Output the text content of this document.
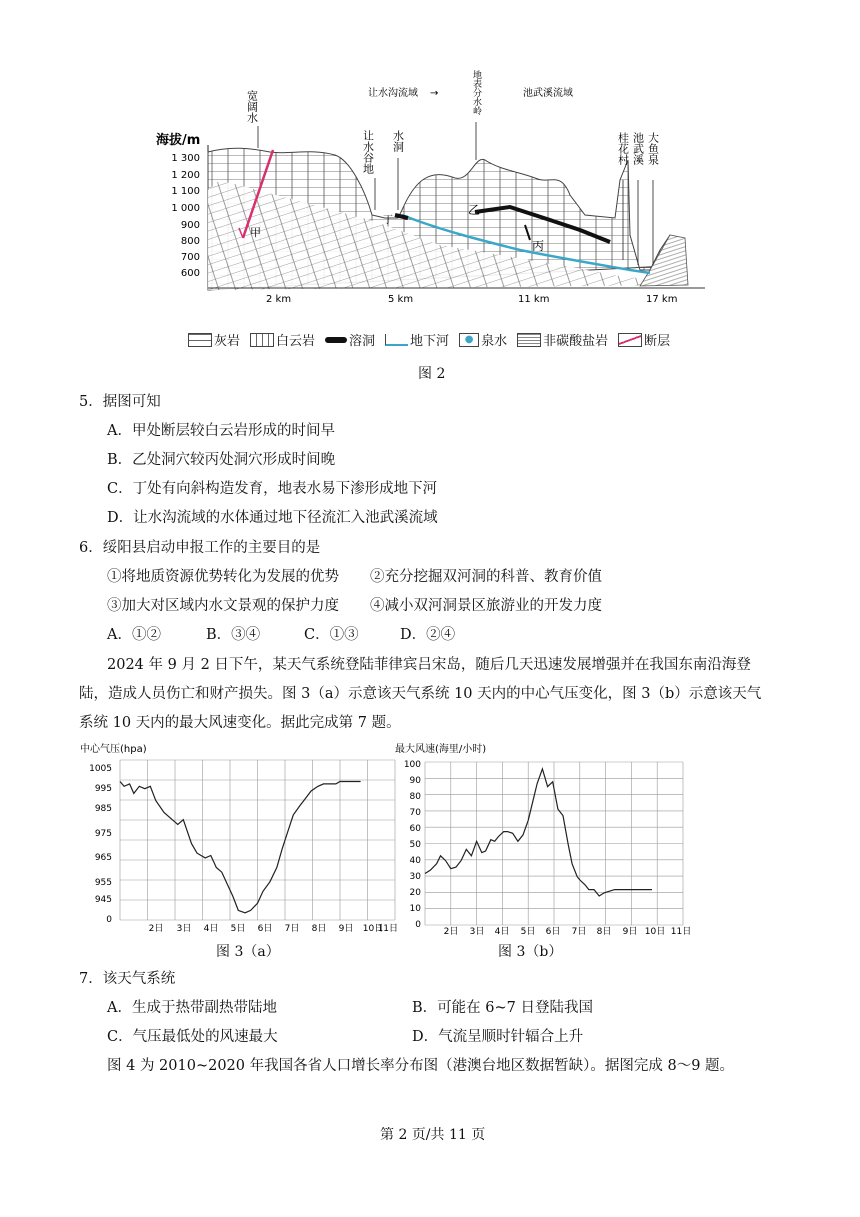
1 300
1 200
1 100
1 000
900
800
700
600
海拔/m
甲
乙
丙
丁
宽阔水	地表分水岭
让水沟流域 →	池武溪流域
让水谷地 水洞	桂花村 池武溪 大鱼泉
2 km	5 km	11 km	17 km
灰岩	白云岩	溶洞	地下河	● 泉水	非碳酸盐岩	断层
图 2
5．据图可知
A．甲处断层较白云岩形成的时间早
B．乙处洞穴较丙处洞穴形成时间晚
C．丁处有向斜构造发育，地表水易下渗形成地下河
D．让水沟流域的水体通过地下径流汇入池武溪流域
6．绥阳县启动申报工作的主要目的是
①将地质资源优势转化为发展的优势 ②充分挖掘双河洞的科普、教育价值
③加大对区域内水文景观的保护力度 ④减小双河洞景区旅游业的开发力度
A．①②	B．③④	C．①③	D．②④
2024 年 9 月 2 日下午，某天气系统登陆菲律宾吕宋岛，随后几天迅速发展增强并在我国东南沿海登
陆，造成人员伤亡和财产损失。图 3（a）示意该天气系统 10 天内的中心气压变化，图 3（b）示意该天气
系统 10 天内的最大风速变化。据此完成第 7 题。
中心气压(hpa)
1005
995
985
975
965
955
945
0
2日 3日 4日 5日 6日 7日 8日 9日 10日
11日
图 3（a）
最大风速(海里/小时)
100
90
80
70
60
50
40
30
20
10
0
2日 3日 4日 5日 6日 7日 8日 9日 10日 11日
图 3（b）
7．该天气系统
A．生成于热带副热带陆地	B．可能在 6~7 日登陆我国
C．气压最低处的风速最大	D．气流呈顺时针辐合上升
图 4 为 2010~2020 年我国各省人口增长率分布图（港澳台地区数据暂缺）。据图完成 8～9 题。
第 2 页/共 11 页
